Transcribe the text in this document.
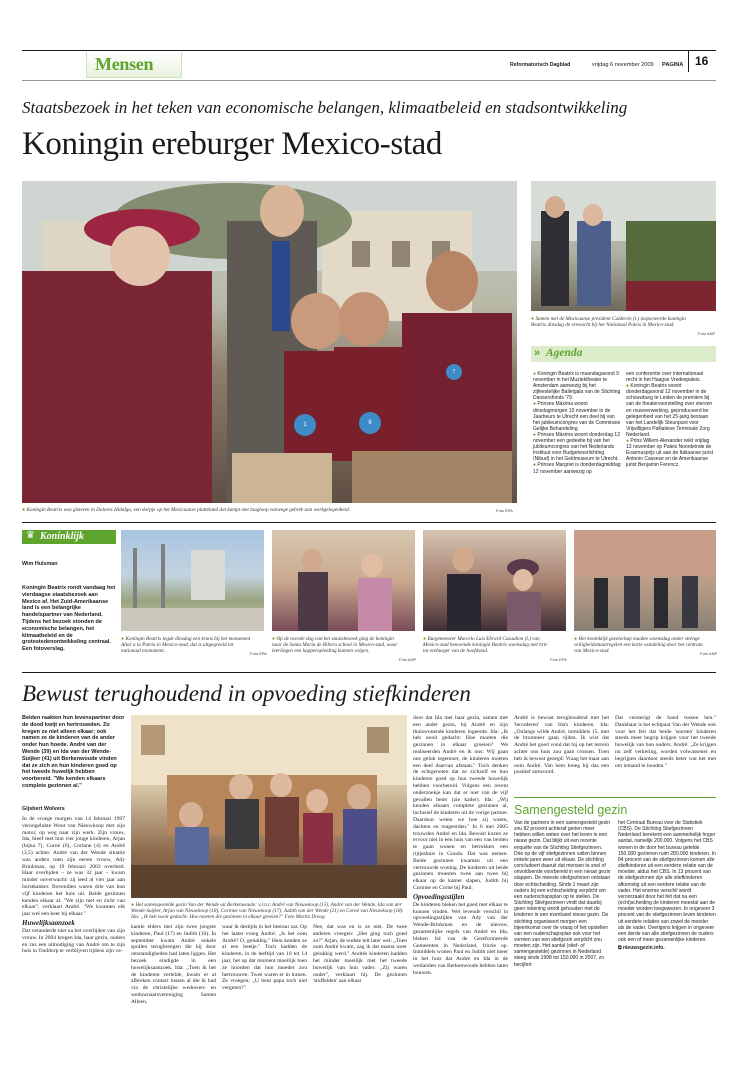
Mensen	Reformatorisch Dagblad	vrijdag 6 november 2009 PAGINA 16
Staatsbezoek in het teken van economische belangen, klimaatbeleid en stadsontwikkeling
Koningin ereburger Mexico-stad
1	6
7
● Koningin Beatrix was gisteren in Dolores Hidalgo, een dorpje op het Mexicaanse platteland dat kampt met laagloop vanwege gebrek aan werkgelegenheid.	Foto EPA
● Samen met de Mexicaanse president Calderón (l.) inspecteerde koningin Beatrix dinsdag de erewacht bij het Nationaal Paleis in Mexico-stad.
Foto ANP
» Agenda

● Koningin Beatrix is maandagavond 9 november in het Muziektheater te Amsterdam aanwezig bij het zijfeestelijke Balletgala van de Stichting Dansersfonds '79.

● Prinses Máxima woont dinsdagmorgen 10 november in de Jaarbeurs te Utrecht een deel bij van het jubileumcongres van de Commissie Gelijke Behandeling.

● Prinses Máxima woont donderdag 12 november een gedeelte bij van het jubileumcongres van het Nederlands Instituut voor Budgetvoorlichting (Nibud) in het Geldmuseum te Utrecht.

● Prinses Margriet is donderdagmiddag 12 november aanwezig op

een conferentie over internationaal recht in het Haagse Vredespaleis.

● Koningin Beatrix woont donderdagavond 12 november in de schouwburg te Leiden de première bij van de theatervoorstelling over sterven en rouwverwerking, geproduceerd ter gelegenheid van het 25-jarig bestaan van het Landelijk Steunpunt voor Vrijwilligers Palliatieve Terminale Zorg Nederland.

● Prins Willem-Alexander reikt vrijdag 13 november op Paleis Noordeinde de Erasmusprijs uit aan de Italiaanse jurist Antonio Cassese en de Amerikaanse jurist Benjamin Ferencz.

♛ Koninklijk
Wim Hulsman
Koningin Beatrix rondt vandaag het vierdaagse staatsbezoek aan Mexico af. Het Zuid-Amerikaanse land is een belangrijke handelspartner van Nederland. Tijdens het bezoek stonden de economische belangen, het klimaatbeleid en de grotestedenontwikkeling centraal. Een fotoverslag.
● Koningin Beatrix legde dinsdag een krans bij het monument Altar a la Patria in Mexico-stad, dat is uitgegroeid tot nationaal monument.	Foto EPA
● Op de tweede dag van het staatsbezoek ging de koningin naar de Santa María de Ribera school in Mexico-stad, waar leerlingen een kapperopleiding kunnen volgen.
Foto ANP
● Burgemeester Marcelo Luis Ebrard Casaubon (l.) van Mexico-stad benoemde koningin Beatrix woensdag met brit- tot ereburger van de hoofdstad.
Foto EPA
● Het koninklijk gezelschap maakte woensdag onder strenge veiligheidsmaatregelen een korte wandeling door het centrum van Mexico-stad.	Foto ANP
Bewust terughoudend in opvoeding stiefkinderen
Beiden raakten hun levenspartner door de dood kwijt en hertrouwden. Zo kregen ze niet alleen elkaar; ook namen ze de kinderen van de ander onder hun hoede. André van der Wende (39) en Ida van der Wende-Suijker (41) uit Berkenwoude vinden dat ze zich en hun kinderen goed op het tweede huwelijk hebben voorbereid. "We kenden elkaars complete gezinnen al."
Gijsbert Wolvers

In de vroege morgen van 14 februari 1997 verongelukte Wout van Nieuwkoop met zijn motor, op weg naar zijn werk. Zijn vrouw, Ida, bleef met hun vier jonge kinderen, Arjan (bijna 7), Corné (6), Corinne (4) en André (3,5) achter. André van der Wende situatie was anders toen zijn eerste vrouw, Ady Brinkman, op 19 februari 2003 overleed. Haar overlijden – ze was 32 jaar – kwam minder onverwacht: zij leed al vier jaar aan borstkanker. Bovendien waren drie van hun vijf kinderen het huis uit. Beide gezinnen kenden elkaar al. "We zijn met en zicht van elkaar", verklaart André. "We kwamen elk jaar wel een keer bij elkaar."

Huwelijksaanzoek

Dat veranderde niet na het overlijden van zijn vrouw. In 2004 kregen Ida, haar gezin, ouders en zus een uitnodiging van André om te zijn huis in Ouddorp te verblijven tijdens zijn va-

● Het samengestelde gezin Van der Wende uit Berkenwoude: v.l.n.r. André van Nieuwkoop (15), André van der Wende, Ida van der Wende-Suijker, Arjan van Nieuwkoop (18), Corinne van Nieuwkoop (17), Judith van der Wende (21) en Corné van Nieuwkoop (18). Ida: „Ik heb nooit gedacht: Hoe moeten die gezinnen in elkaar groeien?" Foto Martin Droog
kantie elders met zijn twee jongste kinderen, Paul (17) en Judith (16). In september kwam André enkele spullen terugbrengen die hij door omstandigheden had laten liggen. Het bezoek eindigde in een huwelijksaanzoek. Ida: „Toen ik het de kinderen vertelde, kwam er al afbreken contact tussen al die ik had via de christelijke weduwen- en weduwnaarsvereniging Samen Alleen,
waar ik destijds in het bestuur zat. Op het laatst vroeg André: „Is het oom André? O, gelukkig." Hem kenden ze al een beetje." Toch hadden de kinderen, in de leeftijd van 10 tot 14 jaar, het op dat moment moeilijk toen ze hoorden dat hun moeder zou hertrouwen. Twee waren er in tranen. Ze vroegen: „U bent papa toch niet vergeten?"
Nee, dat was en is ze niet. De twee anderen vroegen: „Het ging toch goed zo?" Arjan, de oudste telt later wel: „Toen oom André kwam, zag ik dat mama weer gelukkig werd." Andrés kinderen hadden het minder moeilijk met het tweede huwelijk van hun vader. „Zij waren ouder", verklaart hij. De gezinnen 'stuffelden' aan elkaar

door dat Ida met haar gezin, samen met een ander gezin, bij André en zijn thuiswonende kinderen logeerde. Ida: „Ik heb nooit gedacht: Hoe moeten die gezinnen in elkaar groeien? We realiseerden André en ik ons: Wij gaan ons geluk tegemoet, de kinderen moeten een deel daarvan afstaan." Toch denken de echtgenoten dat ze zichzelf en hun kinderen goed op hun tweede huwelijk hebben voorbereid. Volgens een recent onderzoekje kan dat er niet van de vijf gevallen beter (zie kader). Ida: „Wij kenden elkaars complete gezinnen al, inclusief de kinderen uit de vorige partner. Daardoor weten we hoe zij waren, dachten en reageerden." In 6 mei 2005 trouwden André en Ida. Bewust kozen ze ervoor niet in een huis van een van beiden te gaan wonen en betrokken een rijtjeshuis in Gouda. Dat was nemen. Beide gezinnen kwamen uit een vertrouwde woning. De kinderen uit beide gezinnen moesten twee aan twee bij elkaar op de kamer slapen, Judith bij Corinne en Corné bij Paul.

Opvoedingsstijlen

De kinderen bleken het goed met elkaar te kunnen vinden. Wel levende verschil in opvoedingsstijlen van Ady van der Wende-Brinkman en de nieuwe, gezamenlijke regels van André en Ida, bleken lid van de Gereformeerde Gemeenten in Nederland, frictie op. Inmiddels wonen Paul en Judith niet meer in het huis dat André en Ida in de weilanden van Berkenwoude hebben laten bouwen.

André is bewust terughoudend met het 'bevaderen' van Ida's kinderen. Ida: „Onlangs wilde André, inmiddels 15, met de bromneer gaan rijden. Ik wist dat André het goed vond dat hij op het terrein achter ons huis zou gaan crossen. Toen heb ik bewust gezegd: Vraag het maar aan oom André. Van hem kreeg hij das een positief antwoord.
Dat versterigt de band tussen hen." Dankbaar is het echtpaar Van der Wende ook voor het feit dat beide 'soorten' kinderen steeds meer begrip krijgen voor het tweede huwelijk van hun ouders. André: „Ze krijgen nu zelf verkering, worden volwassener en begrijpen daardoor steeds beter wat het met om iemand te houden."
Samengesteld gezin
Van de partners in een samengesteld gezin zou 82 procent achteraf gerien meer hebben willen weten over het leven in een nieuw gezin. Dat blijkt uit een recente enquête van de Stichting Stiefgezinnen. Drie op de vijf stiefgezinnen vallen binnen enkele jaren weer uit elkaar. De stichting concludeert daaruit dat mensen te snel of onvoldoende voorbereid in een nieuw gezin stappen. De meeste stiefgezinnen ontstaan door echtscheiding. Sinds 1 maart zijn ouders bij een echtscheiding verplicht om een ouderschapsplan op te stellen. De Stichting Stiefgezinnen vindt dat daarbij geen rekening wordt gehouden met de kinderen in een eventueel nieuw gezin. De stichting organiseert morgen een bijeenkomst over de vraag of het opstellen van een ouderschapsplan ook voor het vormen van een stiefgezin verplicht zou moeten zijn. Het aantal (stief- of samengestelde) gezinnen in Nederland steeg sinds 1998 tot 150.000 in 2007, zo becijfert

het Centraal Bureau voor de Statistiek (CBS). De Stichting Stiefgezinnen Nederland berekent een aanmerkelijk hoger aantal, namelijk 200.000. Volgens het CBS wonen in de door het bureau geteldе 150.000 gezinnen ruim 280.000 kinderen. In 84 procent van de stiefgezinnen komen alle stiefkinderen uit een eerdere relatie van de moeder, aldus het CBS. In 13 procent van de stiefgezinnen zijn alle stiefkinderen afkomstig uit een eerdere relatie van de vader. Het enorme verschil wordt veroorzaakt door het feit dat na een (echt)scheiding de kinderen meestal aan de moeder worden toegewezen. In ongeveer 3 procent van de stiefgezinnen leven kinderen uit eerdere relaties van zowel de moeder als de vader. Overigens krijgen in ongeveer een derde van alle stiefgezinnen de ouders ook een of meer gezamenlijke kinderen.

⧉ nieuwsgezin.info.
